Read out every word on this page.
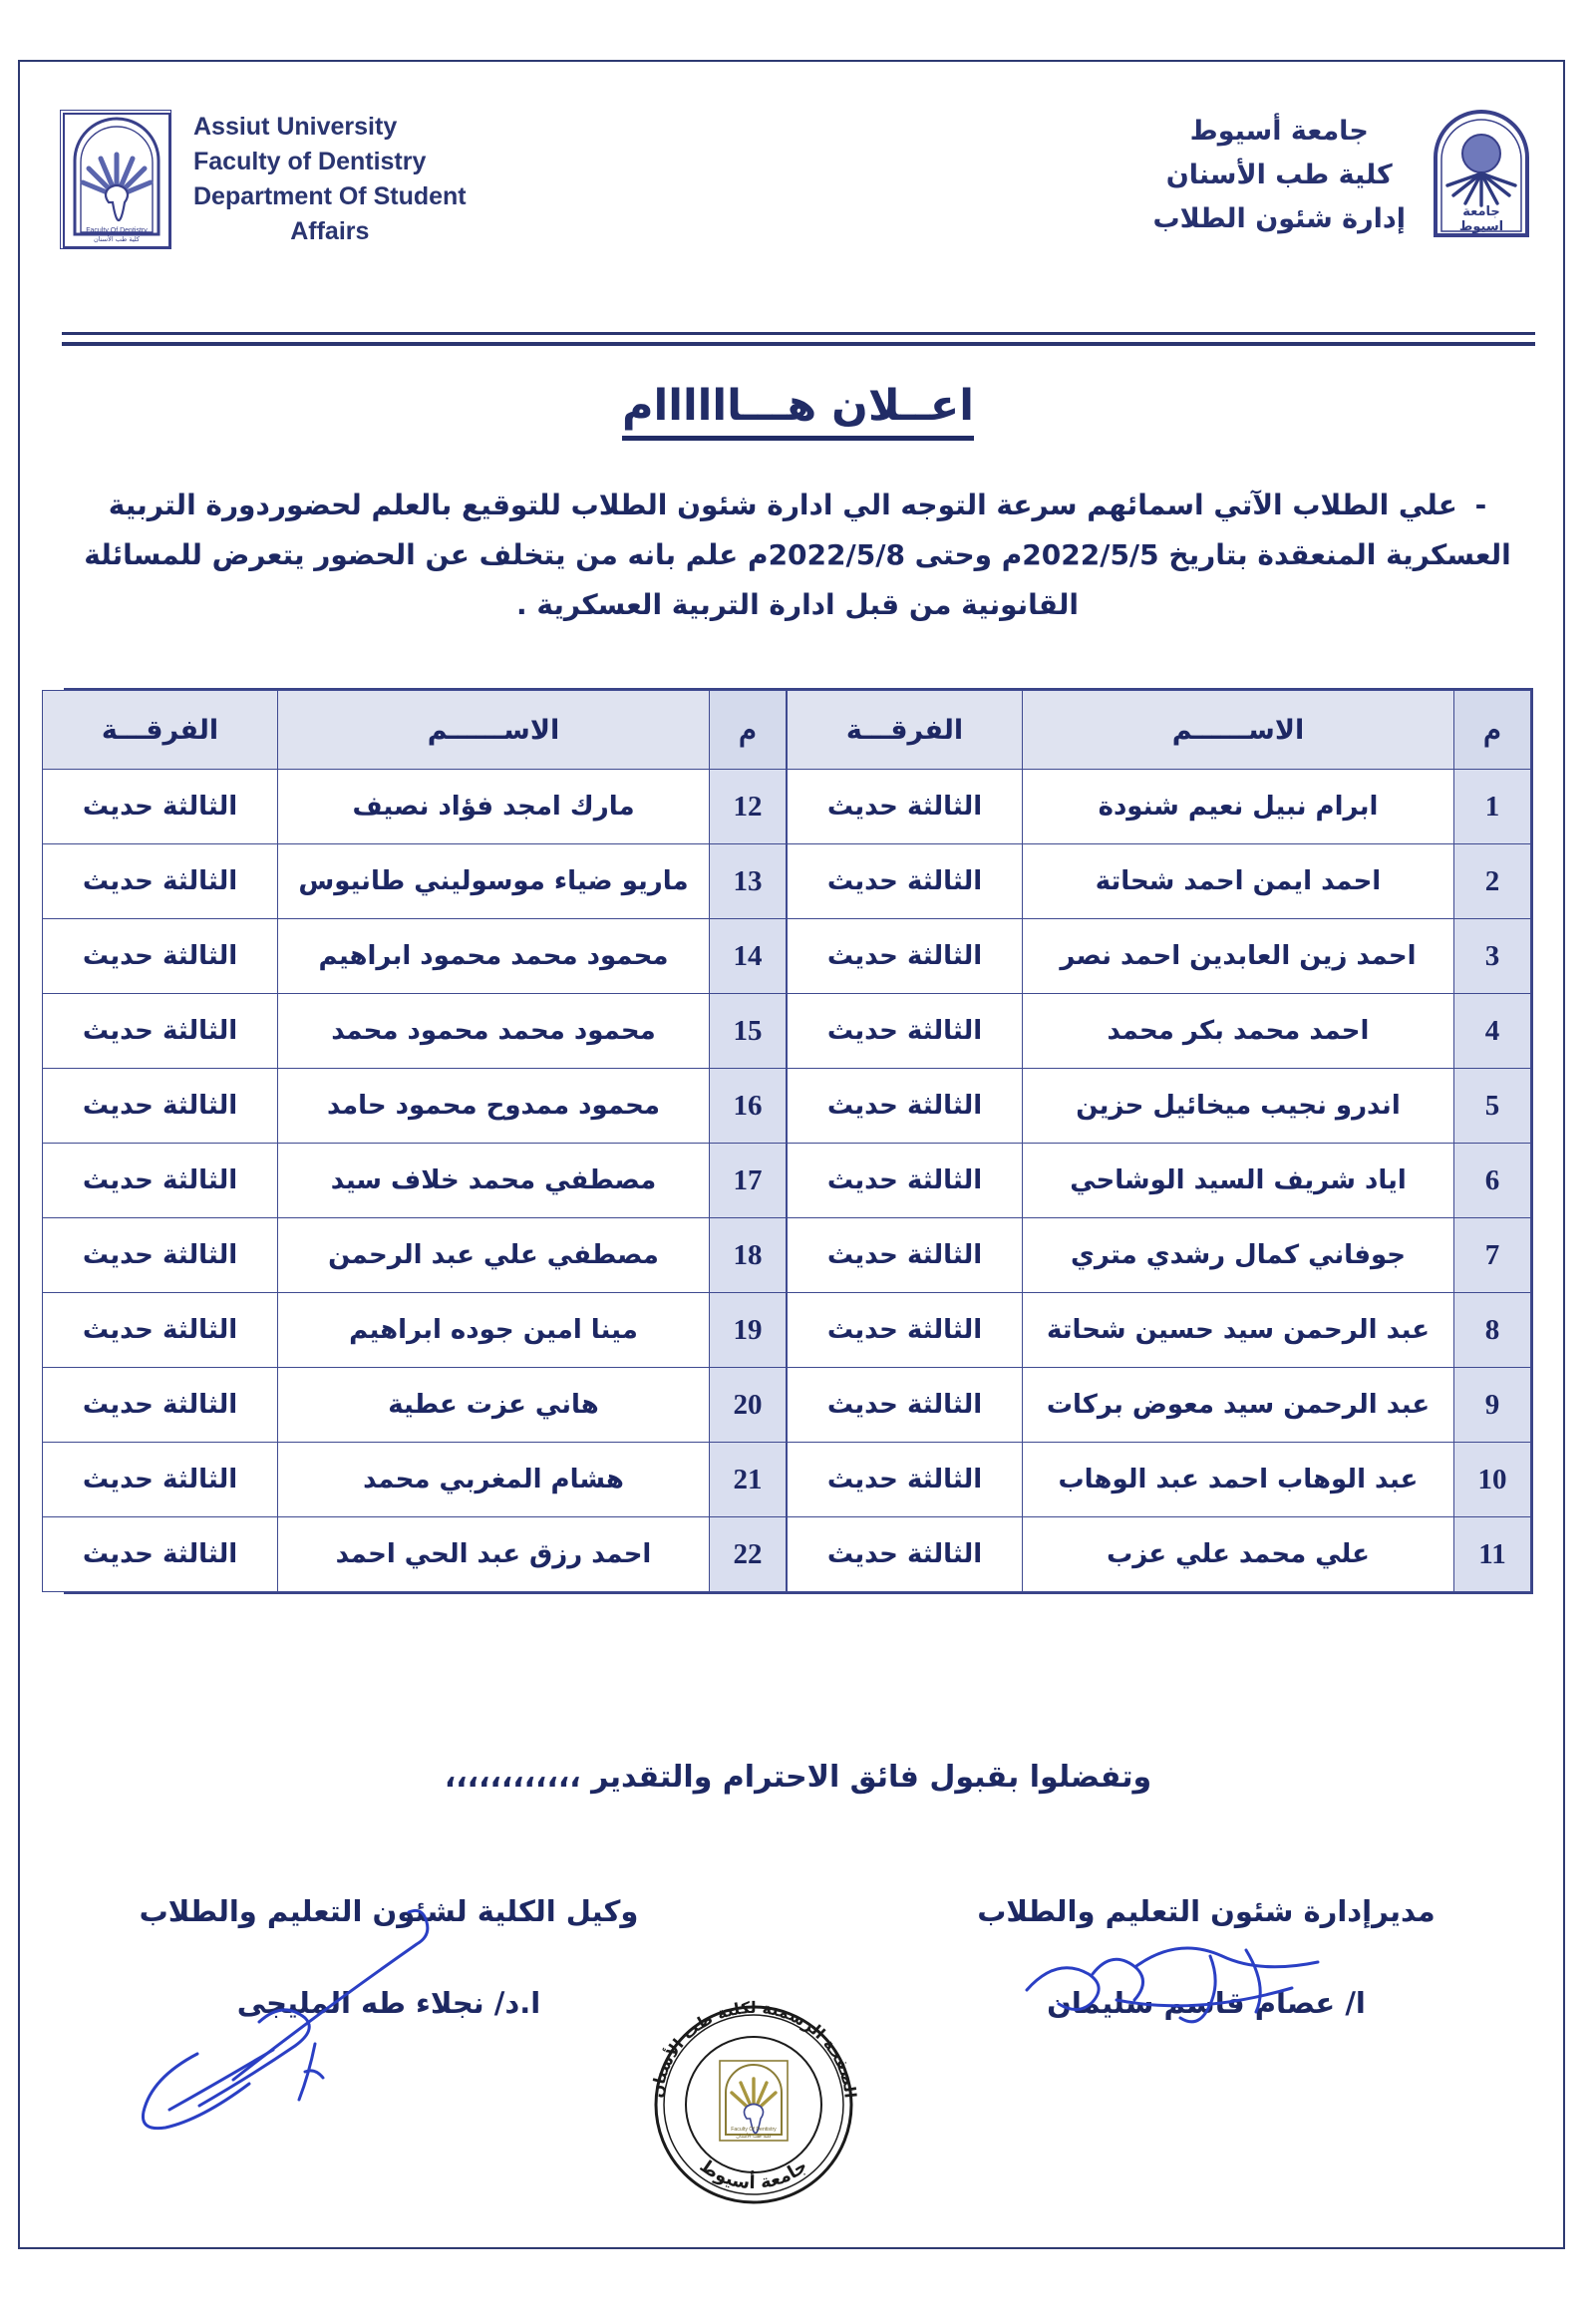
Faculty Of Dentistry
كلية طب الأسنان
Assiut University
Faculty of Dentistry
Department Of Student
Affairs
جامعة أسيوط
كلية طب الأسنان
إدارة شئون الطلاب	جامعة
اسيوط
اعــلان هـــاااااام
- علي الطلاب الآتي اسمائهم سرعة التوجه الي ادارة شئون الطلاب للتوقيع بالعلم لحضوردورة التربية العسكرية المنعقدة بتاريخ 2022/5/5م وحتى 2022/5/8م علم بانه من يتخلف عن الحضور يتعرض للمسائلة القانونية من قبل ادارة التربية العسكرية .
م	الاســــــم	الفرقـــة
1	ابرام نبيل نعيم شنودة	الثالثة حديث
2	احمد ايمن احمد شحاتة	الثالثة حديث
3	احمد زين العابدين احمد نصر	الثالثة حديث
4	احمد محمد بكر محمد	الثالثة حديث
5	اندرو نجيب ميخائيل حزين	الثالثة حديث
6	اياد شريف السيد الوشاحي	الثالثة حديث
7	جوفاني كمال رشدي متري	الثالثة حديث
8	عبد الرحمن سيد حسين شحاتة	الثالثة حديث
9	عبد الرحمن سيد معوض بركات	الثالثة حديث
10	عبد الوهاب احمد عبد الوهاب	الثالثة حديث
11	علي محمد علي عزب	الثالثة حديث
م	الاســــــم	الفرقـــة
12	مارك امجد فؤاد نصيف	الثالثة حديث
13	ماريو ضياء موسوليني طانيوس	الثالثة حديث
14	محمود محمد محمود ابراهيم	الثالثة حديث
15	محمود محمد محمود محمد	الثالثة حديث
16	محمود ممدوح محمود حامد	الثالثة حديث
17	مصطفي محمد خلاف سيد	الثالثة حديث
18	مصطفي علي عبد الرحمن	الثالثة حديث
19	مينا امين جوده ابراهيم	الثالثة حديث
20	هاني عزت عطية	الثالثة حديث
21	هشام المغربي محمد	الثالثة حديث
22	احمد رزق عبد الحي احمد	الثالثة حديث
وتفضلوا بقبول فائق الاحترام والتقدير ،،،،،،،،،،،،
مديرإدارة شئون التعليم والطلاب
ا/ عصام قاسم سليمان
وكيل الكلية لشئون التعليم والطلاب
ا.د/ نجلاء طه المليجى
الصفحة الرسمية لكلية طب الأسنان
جامعة أسيوط
Faculty Of Dentistry
كلية طب الأسنان
